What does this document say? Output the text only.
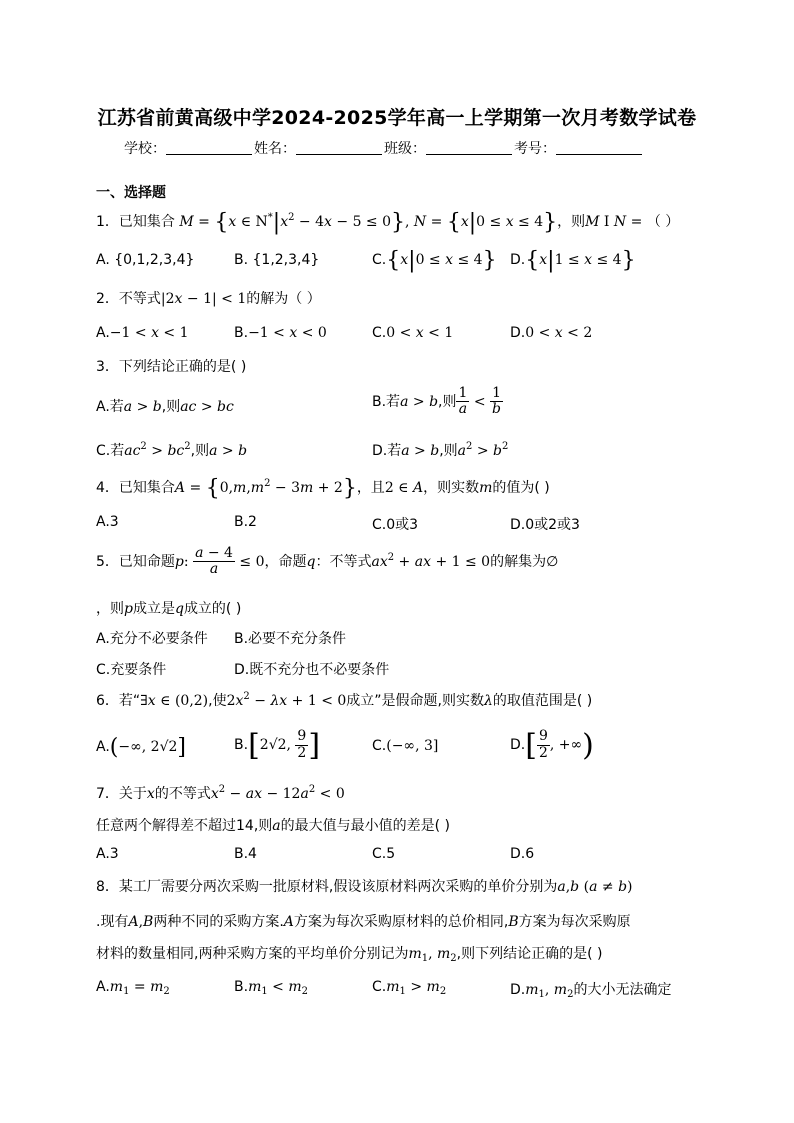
江苏省前黄高级中学2024-2025学年高一上学期第一次月考数学试卷
学校：	姓名：	班级：	考号：
一、选择题
1．已知集合 M = {x ∈ $N^*|x^2 - 4x - 5 \le 0$}, N = {x|0 ≤ x ≤ 4}，则M I N = （ ）
A. {0,1,2,3,4}	B. {1,2,3,4}	C.{x|0 ≤ x ≤ 4} D.{x|1 ≤ x ≤ 4}
2．不等式|2x − 1| < 1的解为（ ）
A.−1 < x < 1	B.−1 < x < 0	C.0 < x < 1	D.0 < x < 2
3．下列结论正确的是( )
A.若a > b,则ac > bc	B.若a > b,则 $\frac{1}{a} < \frac{1}{b}$
C.若$ac^2 > bc^2$,则a > b	D.若a > b,则$a^2 > b^2$
4．已知集合$A = \{0,m,m^2 - 3m + 2\}$，且2 ∈ A，则实数m的值为( )
A.3	B.2	C.0或3	D.0或2或3
5．已知命题p: $\frac{a - 4}{a} \le 0$，命题q：不等式$ax^2$ + ax + 1 ≤ 0的解集为∅
，则p成立是q成立的( )
A.充分不必要条件 B.必要不充分条件
C.充要条件	D.既不充分也不必要条件
6．若“∃x ∈ (0,2),使$2x^2 - \lambda x + 1 < 0$成立”是假命题,则实数λ的取值范围是( )
A.(−∞, 2√2]	B.[2√2, $\frac{9}{2}$ ]	C.(−∞, 3]	$D.[ \frac{9}{2}$ , +∞)
7．关于x的不等式$x^2$ − ax − $12a^2 < 0$
任意两个解得差不超过14,则a的最大值与最小值的差是( )
A.3	B.4	C.5	D.6
8．某工厂需要分两次采购一批原材料,假设该原材料两次采购的单价分别为a,b (a ≠ b)
.现有A,B两种不同的采购方案.A方案为每次采购原材料的总价相同,B方案为每次采购原
材料的数量相同,两种采购方案的平均单价分别记为$m_1$, $m_2$,则下列结论正确的是( )
$A.m_1 = m_2$	$B.m_1 < m_2$	$C.m_1 > m_2$	$D.m_1$, $m_2$的大小无法确定
